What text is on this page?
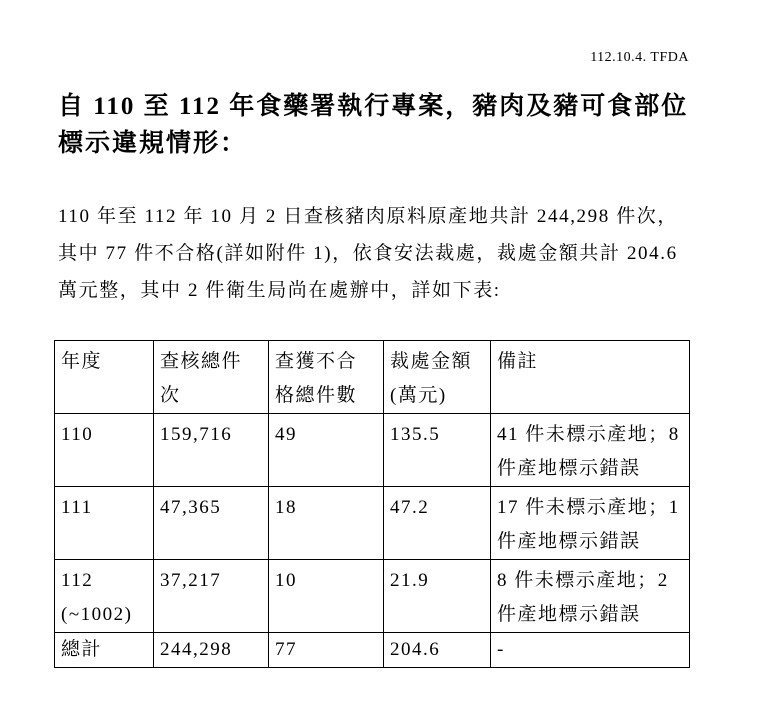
112.10.4. TFDA
自 110 至 112 年食藥署執行專案，豬肉及豬可食部位標示違規情形：

110 年至 112 年 10 月 2 日查核豬肉原料原產地共計 244,298 件次，其中 77 件不合格(詳如附件 1)，依食安法裁處，裁處金額共計 204.6 萬元整，其中 2 件衛生局尚在處辦中，詳如下表:

年度	查核總件次	查獲不合格總件數	裁處金額(萬元)	備註
110	159,716	49	135.5	41 件未標示產地；8 件產地標示錯誤
111	47,365	18	47.2	17 件未標示產地；1 件產地標示錯誤
112 (~1002)	37,217	10	21.9	8 件未標示產地；2 件產地標示錯誤
總計	244,298	77	204.6	-
